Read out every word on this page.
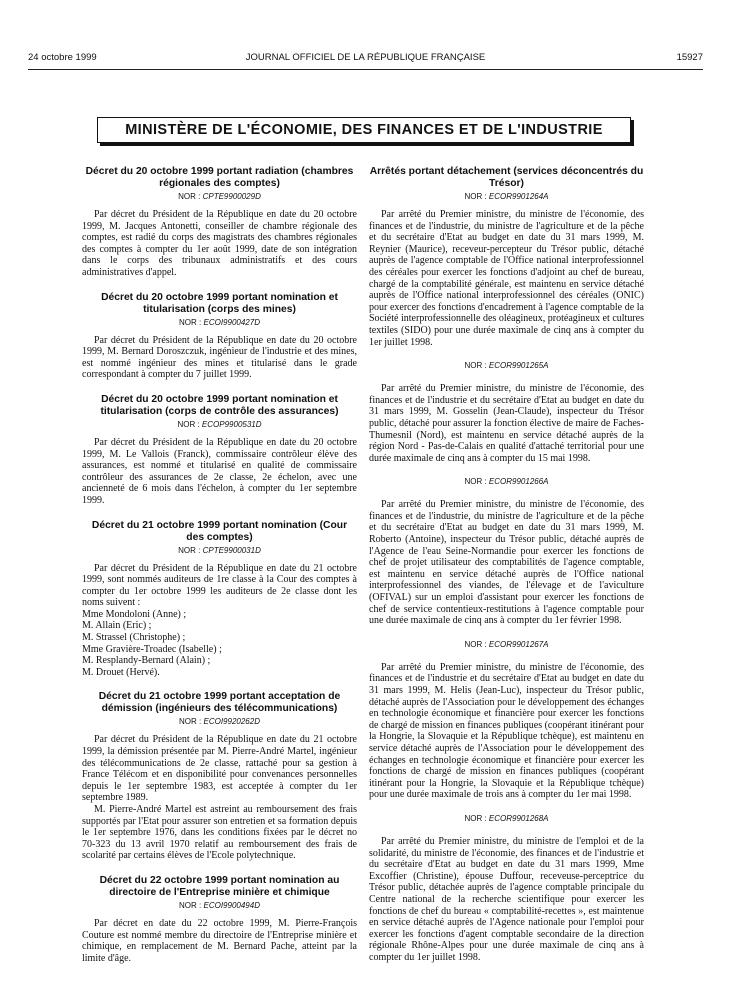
24 octobre 1999	JOURNAL OFFICIEL DE LA RÉPUBLIQUE FRANÇAISE	15927
MINISTÈRE DE L'ÉCONOMIE, DES FINANCES ET DE L'INDUSTRIE

Décret du 20 octobre 1999 portant radiation (chambres régionales des comptes)

NOR : CPTE9900029D

Par décret du Président de la République en date du 20 octobre 1999, M. Jacques Antonetti, conseiller de chambre régionale des comptes, est radié du corps des magistrats des chambres régionales des comptes à compter du 1er août 1999, date de son intégration dans le corps des tribunaux administratifs et des cours administratives d'appel.

Décret du 20 octobre 1999 portant nomination et titularisation (corps des mines)

NOR : ECOI9900427D

Par décret du Président de la République en date du 20 octobre 1999, M. Bernard Doroszczuk, ingénieur de l'industrie et des mines, est nommé ingénieur des mines et titularisé dans le grade correspondant à compter du 7 juillet 1999.

Décret du 20 octobre 1999 portant nomination et titularisation (corps de contrôle des assurances)

NOR : ECOP9900531D

Par décret du Président de la République en date du 20 octobre 1999, M. Le Vallois (Franck), commissaire contrôleur élève des assurances, est nommé et titularisé en qualité de commissaire contrôleur des assurances de 2e classe, 2e échelon, avec une ancienneté de 6 mois dans l'échelon, à compter du 1er septembre 1999.

Décret du 21 octobre 1999 portant nomination (Cour des comptes)

NOR : CPTE9900031D

Par décret du Président de la République en date du 21 octobre 1999, sont nommés auditeurs de 1re classe à la Cour des comptes à compter du 1er octobre 1999 les auditeurs de 2e classe dont les noms suivent :

Mme Mondoloni (Anne) ;
M. Allain (Eric) ;
M. Strassel (Christophe) ;
Mme Gravière-Troadec (Isabelle) ;
M. Resplandy-Bernard (Alain) ;
M. Drouet (Hervé).

Décret du 21 octobre 1999 portant acceptation de démission (ingénieurs des télécommunications)

NOR : ECOI9920262D

Par décret du Président de la République en date du 21 octobre 1999, la démission présentée par M. Pierre-André Martel, ingénieur des télécommunications de 2e classe, rattaché pour sa gestion à France Télécom et en disponibilité pour convenances personnelles depuis le 1er septembre 1983, est acceptée à compter du 1er septembre 1989.

M. Pierre-André Martel est astreint au remboursement des frais supportés par l'Etat pour assurer son entretien et sa formation depuis le 1er septembre 1976, dans les conditions fixées par le décret no 70-323 du 13 avril 1970 relatif au remboursement des frais de scolarité par certains élèves de l'Ecole polytechnique.

Décret du 22 octobre 1999 portant nomination au directoire de l'Entreprise minière et chimique

NOR : ECOI9900494D

Par décret en date du 22 octobre 1999, M. Pierre-François Couture est nommé membre du directoire de l'Entreprise minière et chimique, en remplacement de M. Bernard Pache, atteint par la limite d'âge.

Arrêtés portant détachement (services déconcentrés du Trésor)

NOR : ECOR9901264A

Par arrêté du Premier ministre, du ministre de l'économie, des finances et de l'industrie, du ministre de l'agriculture et de la pêche et du secrétaire d'Etat au budget en date du 31 mars 1999, M. Reynier (Maurice), receveur-percepteur du Trésor public, détaché auprès de l'agence comptable de l'Office national interprofessionnel des céréales pour exercer les fonctions d'adjoint au chef de bureau, chargé de la comptabilité générale, est maintenu en service détaché auprès de l'Office national interprofessionnel des céréales (ONIC) pour exercer des fonctions d'encadrement à l'agence comptable de la Société interprofessionnelle des oléagineux, protéagineux et cultures textiles (SIDO) pour une durée maximale de cinq ans à compter du 1er juillet 1998.

NOR : ECOR9901265A

Par arrêté du Premier ministre, du ministre de l'économie, des finances et de l'industrie et du secrétaire d'Etat au budget en date du 31 mars 1999, M. Gosselin (Jean-Claude), inspecteur du Trésor public, détaché pour assurer la fonction élective de maire de Faches-Thumesnil (Nord), est maintenu en service détaché auprès de la région Nord - Pas-de-Calais en qualité d'attaché territorial pour une durée maximale de cinq ans à compter du 15 mai 1998.

NOR : ECOR9901266A

Par arrêté du Premier ministre, du ministre de l'économie, des finances et de l'industrie, du ministre de l'agriculture et de la pêche et du secrétaire d'Etat au budget en date du 31 mars 1999, M. Roberto (Antoine), inspecteur du Trésor public, détaché auprès de l'Agence de l'eau Seine-Normandie pour exercer les fonctions de chef de projet utilisateur des comptabilités de l'agence comptable, est maintenu en service détaché auprès de l'Office national interprofessionnel des viandes, de l'élevage et de l'aviculture (OFIVAL) sur un emploi d'assistant pour exercer les fonctions de chef de service contentieux-restitutions à l'agence comptable pour une durée maximale de cinq ans à compter du 1er février 1998.

NOR : ECOR9901267A

Par arrêté du Premier ministre, du ministre de l'économie, des finances et de l'industrie et du secrétaire d'Etat au budget en date du 31 mars 1999, M. Helis (Jean-Luc), inspecteur du Trésor public, détaché auprès de l'Association pour le développement des échanges en technologie économique et financière pour exercer les fonctions de chargé de mission en finances publiques (coopérant itinérant pour la Hongrie, la Slovaquie et la République tchèque), est maintenu en service détaché auprès de l'Association pour le développement des échanges en technologie économique et financière pour exercer les fonctions de chargé de mission en finances publiques (coopérant itinérant pour la Hongrie, la Slovaquie et la République tchèque) pour une durée maximale de trois ans à compter du 1er mai 1998.

NOR : ECOR9901268A

Par arrêté du Premier ministre, du ministre de l'emploi et de la solidarité, du ministre de l'économie, des finances et de l'industrie et du secrétaire d'Etat au budget en date du 31 mars 1999, Mme Excoffier (Christine), épouse Duffour, receveuse-perceptrice du Trésor public, détachée auprès de l'agence comptable principale du Centre national de la recherche scientifique pour exercer les fonctions de chef du bureau « comptabilité-recettes », est maintenue en service détaché auprès de l'Agence nationale pour l'emploi pour exercer les fonctions d'agent comptable secondaire de la direction régionale Rhône-Alpes pour une durée maximale de cinq ans à compter du 1er juillet 1998.
